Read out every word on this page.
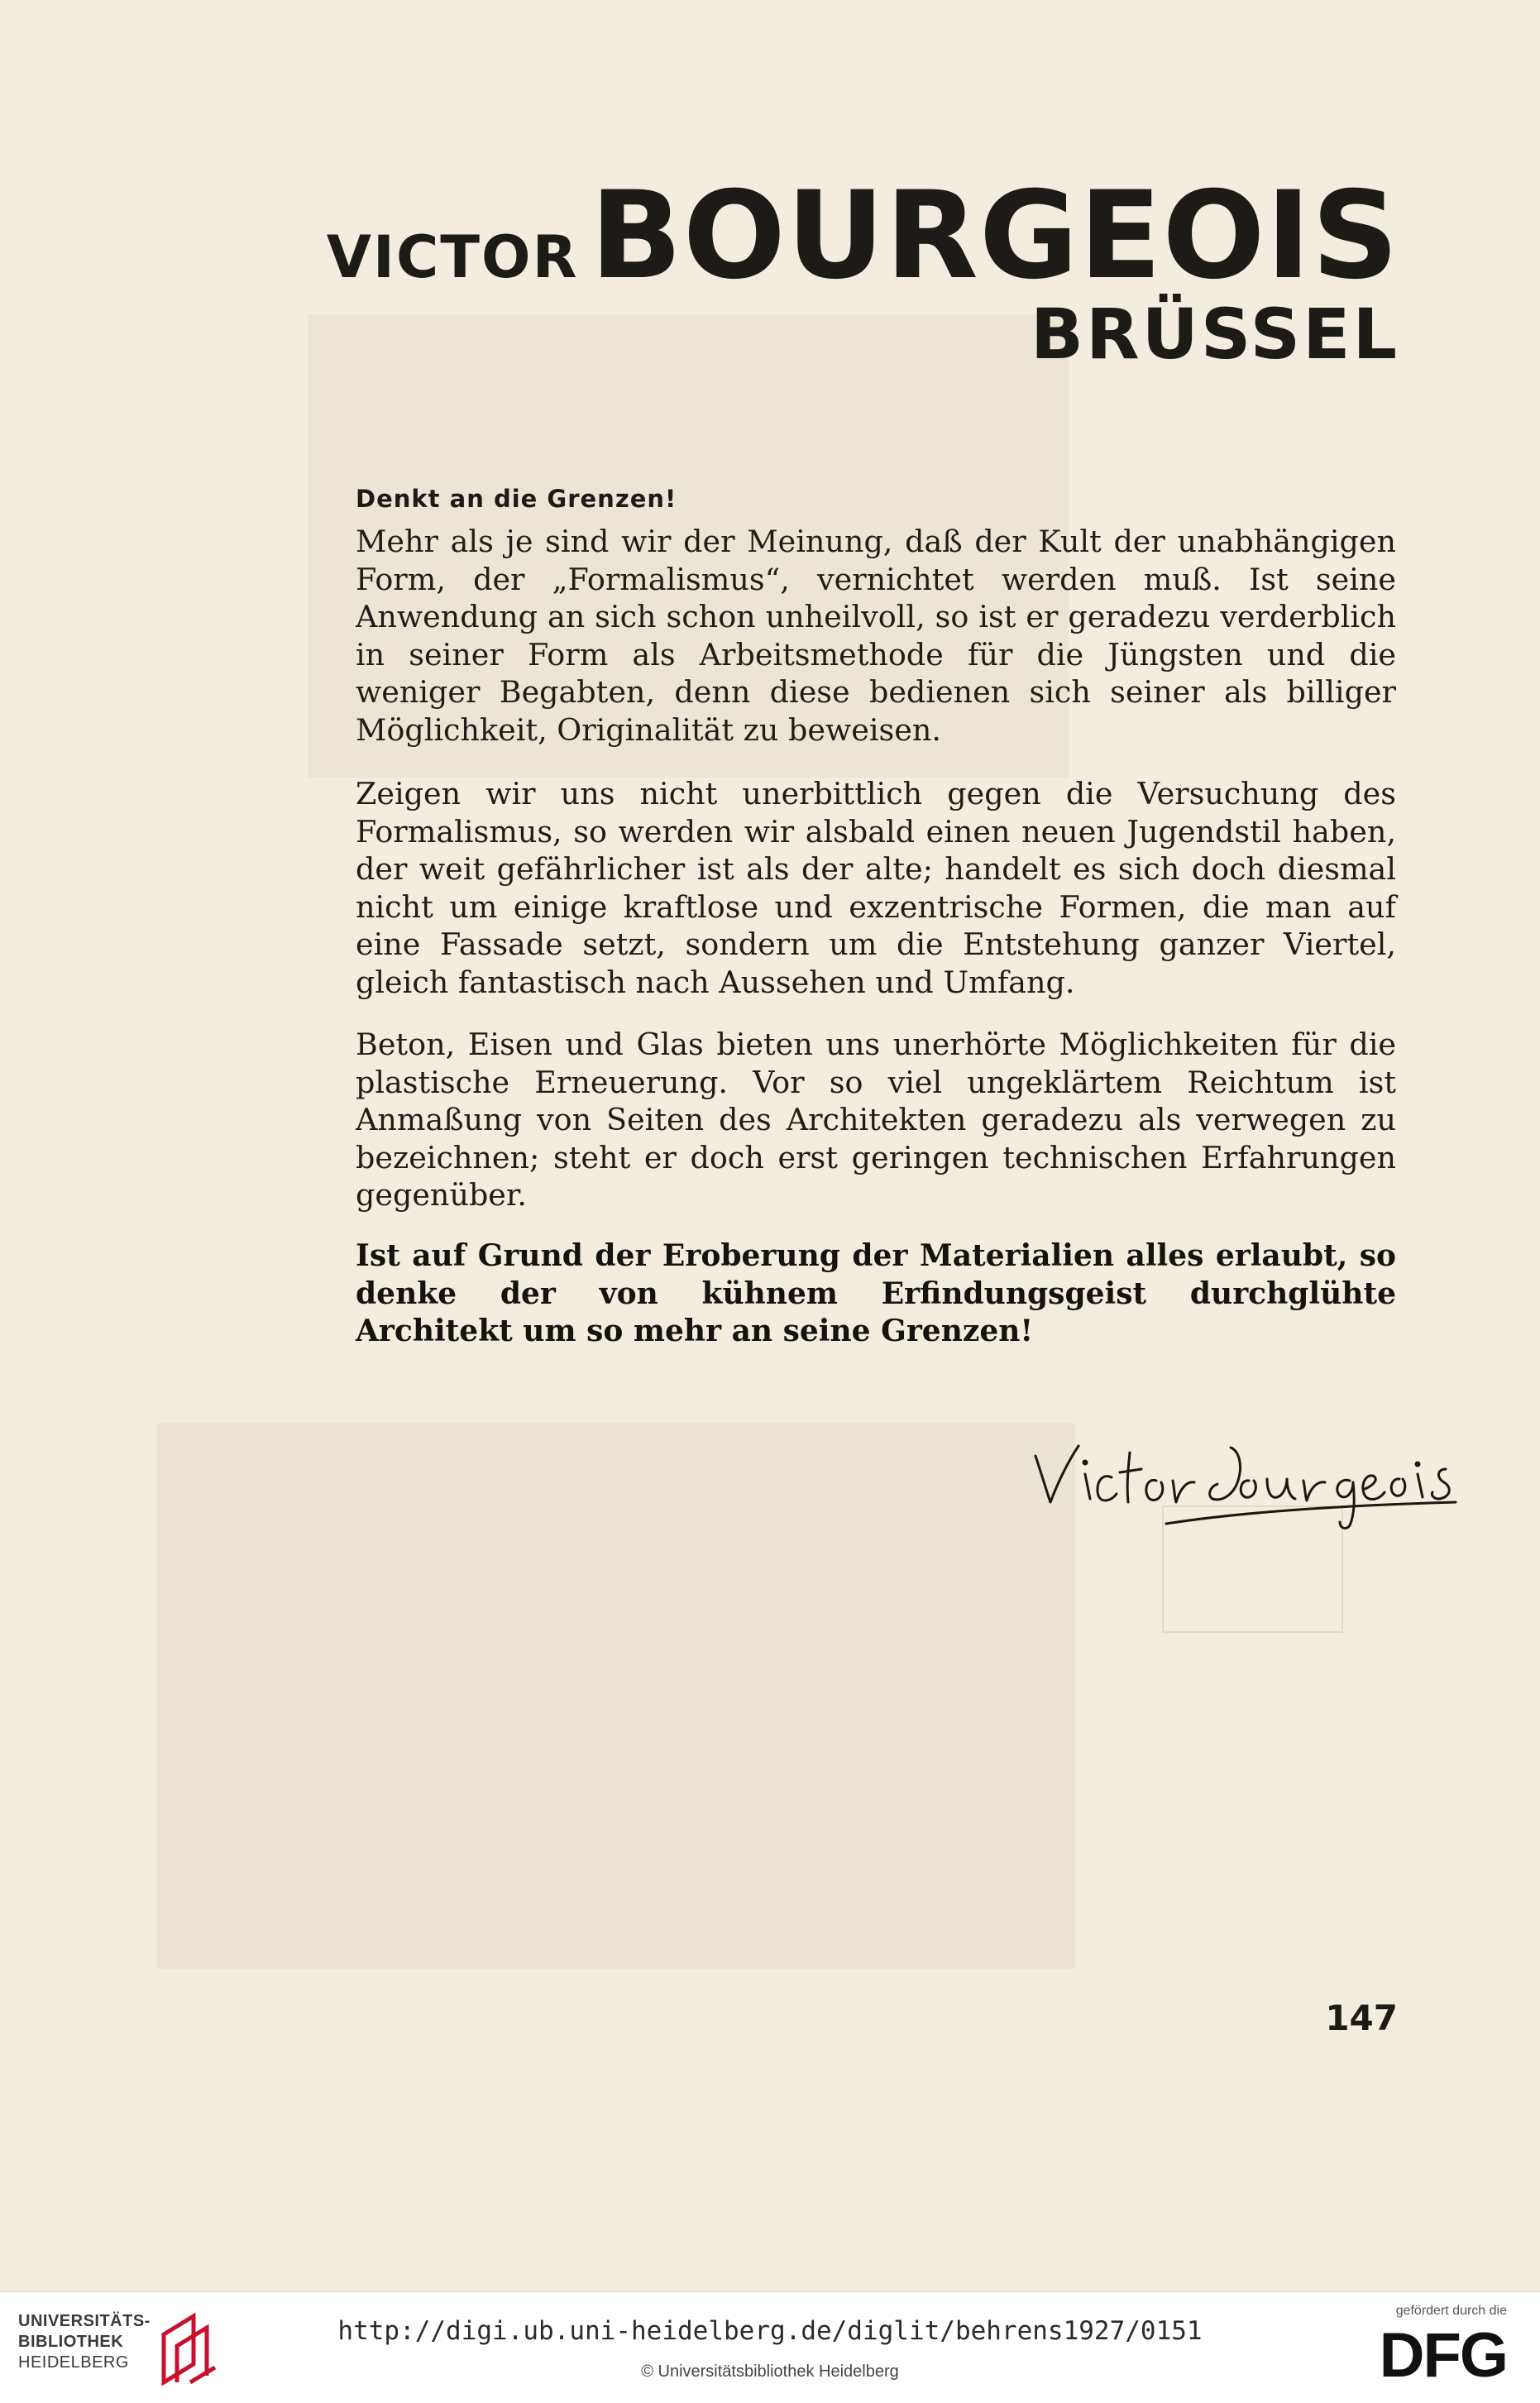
VICTORBOURGEOIS
BRÜSSEL
Denkt an die Grenzen!

Mehr als je sind wir der Meinung, daß der Kult der unabhängigen Form, der „Formalismus“, vernichtet werden muß. Ist seine Anwendung an sich schon unheilvoll, so ist er geradezu verderblich in seiner Form als Arbeitsmethode für die Jüngsten und die weniger Begabten, denn diese bedienen sich seiner als billiger Möglichkeit, Originalität zu beweisen.

Zeigen wir uns nicht unerbittlich gegen die Versuchung des Formalismus, so werden wir alsbald einen neuen Jugendstil haben, der weit gefährlicher ist als der alte; handelt es sich doch diesmal nicht um einige kraftlose und exzentrische Formen, die man auf eine Fassade setzt, sondern um die Entstehung ganzer Viertel, gleich fantastisch nach Aussehen und Umfang.

Beton, Eisen und Glas bieten uns unerhörte Möglichkeiten für die plastische Erneuerung. Vor so viel ungeklärtem Reichtum ist Anmaßung von Seiten des Architekten geradezu als verwegen zu bezeichnen; steht er doch erst geringen technischen Erfahrungen gegenüber.

Ist auf Grund der Eroberung der Materialien alles erlaubt, so denke der von kühnem Erfindungsgeist durchglühte Architekt um so mehr an seine Grenzen!

147
UNIVERSITÄTS-
BIBLIOTHEK
HEIDELBERG
http://digi.ub.uni-heidelberg.de/diglit/behrens1927/0151
© Universitätsbibliothek Heidelberg
gefördert durch die
DFG
